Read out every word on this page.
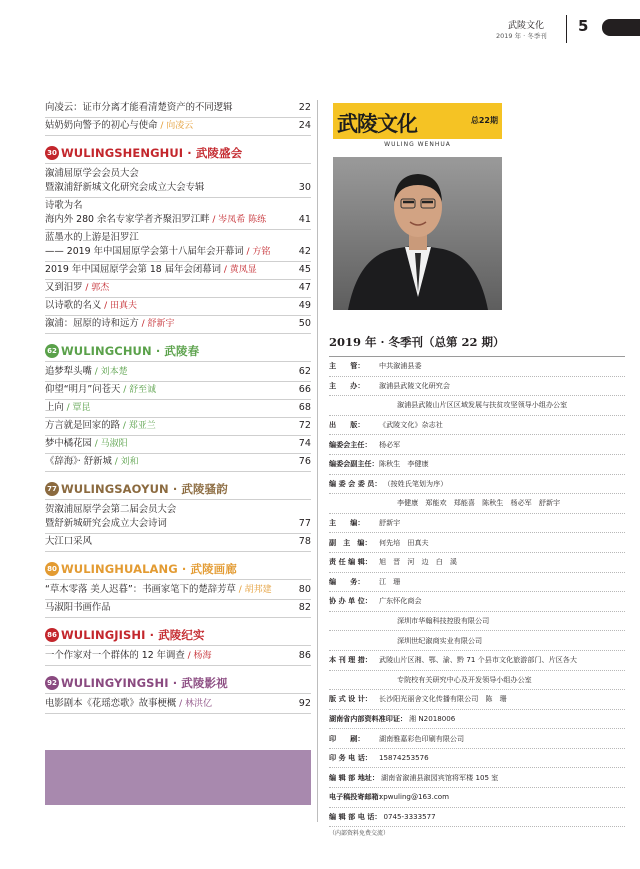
武陵文化
2019 年 · 冬季刊
5
向凌云：证市分离才能看清楚资产的不同逻辑	22
姑奶奶向警予的初心与使命 / 向凌云	24
30 WULINGSHENGHUI · 武陵盛会
溆浦屈原学会会员大会
暨溆浦舒新城文化研究会成立大会专辑	30
诗歌为名
海内外 280 余名专家学者齐聚汨罗江畔 / 岑凤希 陈练	41
蓝墨水的上游是汨罗江
—— 2019 年中国屈原学会第十八届年会开幕词 / 方铭	42
2019 年中国屈原学会第 18 届年会闭幕词 / 黄凤显	45
又到汨罗 / 郭杰	47
以诗歌的名义 / 田真夫	49
溆浦：屈原的诗和远方 / 舒新宇	50
62 WULINGCHUN · 武陵春
追梦犁头嘴 / 刘本楚	62
仰望“明月”问苍天 / 舒至诚	66
上向 / 覃昆	68
方言就是回家的路 / 郑亚兰	72
梦中橘花园 / 马淑阳	74
《辞海》· 舒新城 / 刘和	76
77 WULINGSAOYUN · 武陵骚韵
贺溆浦屈原学会第二届会员大会
暨舒新城研究会成立大会诗词	77
大江口采风	78
80 WULINGHUALANG · 武陵画廊
“草木零落 美人迟暮”：书画家笔下的楚辞芳草 / 胡邦建	80
马淑阳书画作品	82
86 WULINGJISHI · 武陵纪实
一个作家对一个群体的 12 年调查 / 杨海	86
92 WULINGYINGSHI · 武陵影视
电影剧本《花瑶恋歌》故事梗概 / 林洪亿	92
武陵文化	总22期
WULING WENHUA
2019 年 · 冬季刊（总第 22 期）
主　　管：	中共溆浦县委
主　　办：	溆浦县武陵文化研究会
溆浦县武陵山片区区域发展与扶贫攻坚领导小组办公室
出　　版：	《武陵文化》杂志社
编委会主任：	杨必军
编委会副主任： 陈秋生　李健康
编 委 会 委 员： （按姓氏笔划为序）
李健康　郑能欢　郑能喜　陈秋生　杨必军　舒新宇
主　　编：	舒新宇
副　主　编：	何先培　田真夫
责 任 编 辑：	旭　晋　河　边　白　溪
编　　务：	江　珊
协 办 单 位：	广东怀化商会
深圳市华翰科技控股有限公司
深圳世纪溆商实业有限公司
本 刊 理 措：	武陵山片区湘、鄂、渝、黔 71 个县市文化旅游部门、片区各大
专院校有关研究中心及开发领导小组办公室
版 式 设 计：	长沙阳光丽舍文化传播有限公司　陈　珊
湖南省内部资料准印证： 湘 N2018006
印　　刷：	湖南雅嘉彩色印刷有限公司
印 务 电 话：	15874253576
编 辑 部 地址： 湖南省溆浦县溆园宾馆将军楼 105 室
电子稿投寄邮箱：
xpwuling@163.com
编 辑 部 电 话： 0745-3333577
（内部资料免费交流）
